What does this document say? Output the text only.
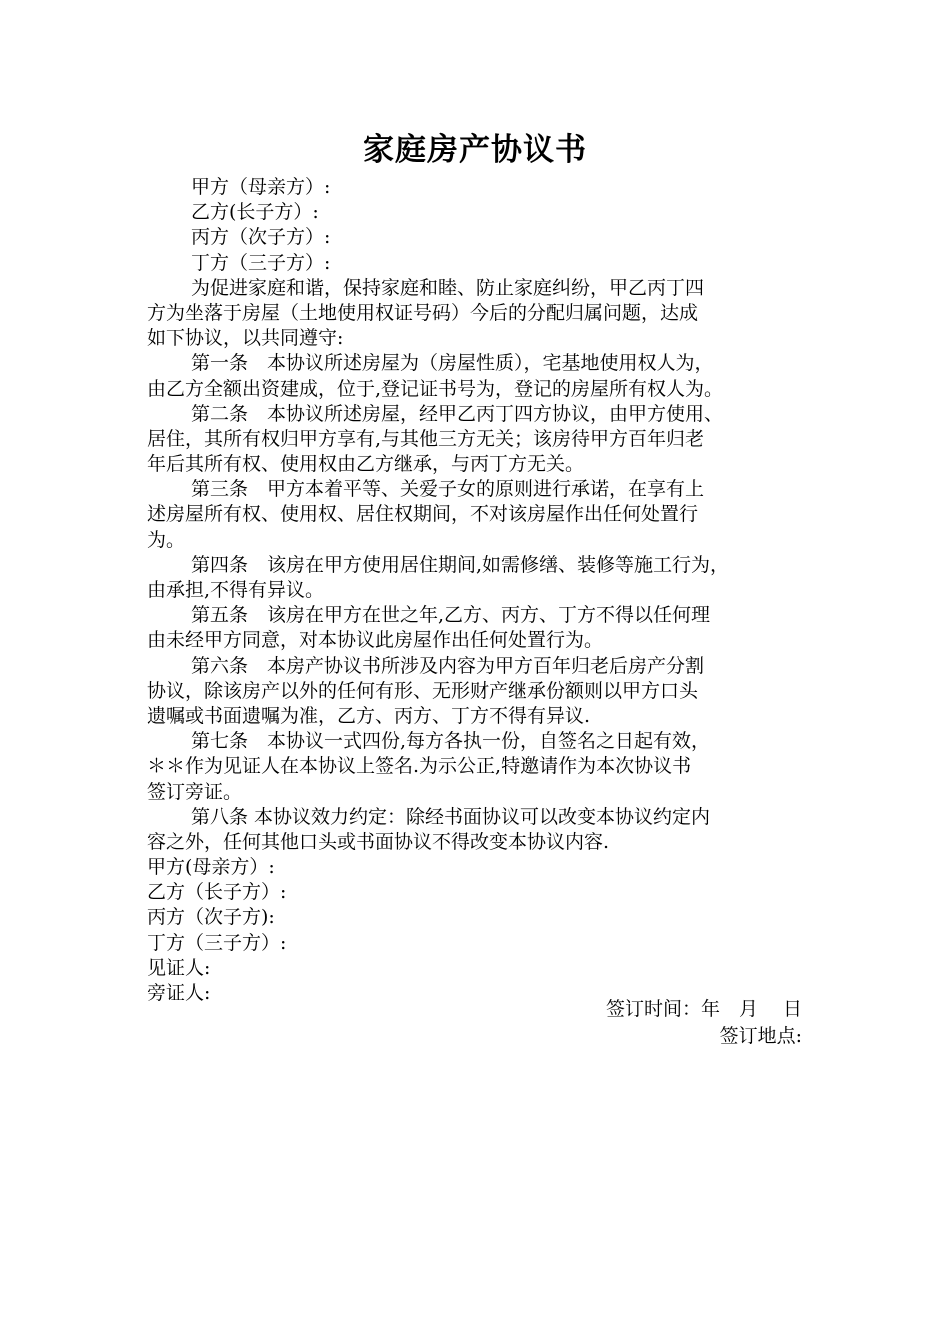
家庭房产协议书
甲方（母亲方）:
乙方(长子方）:
丙方（次子方）:
丁方（三子方）:
为促进家庭和谐，保持家庭和睦、防止家庭纠纷，甲乙丙丁四
方为坐落于房屋（土地使用权证号码）今后的分配归属问题，达成
如下协议，以共同遵守:
第一条　本协议所述房屋为（房屋性质），宅基地使用权人为，
由乙方全额出资建成，位于,登记证书号为，登记的房屋所有权人为。
第二条　本协议所述房屋，经甲乙丙丁四方协议，由甲方使用、
居住，其所有权归甲方享有,与其他三方无关；该房待甲方百年归老
年后其所有权、使用权由乙方继承，与丙丁方无关。
第三条　甲方本着平等、关爱子女的原则进行承诺，在享有上
述房屋所有权、使用权、居住权期间，不对该房屋作出任何处置行
为。
第四条　该房在甲方使用居住期间,如需修缮、装修等施工行为，
由承担,不得有异议。
第五条　该房在甲方在世之年,乙方、丙方、丁方不得以任何理
由未经甲方同意，对本协议此房屋作出任何处置行为。
第六条　本房产协议书所涉及内容为甲方百年归老后房产分割
协议，除该房产以外的任何有形、无形财产继承份额则以甲方口头
遗嘱或书面遗嘱为准，乙方、丙方、丁方不得有异议.
第七条　本协议一式四份,每方各执一份，自签名之日起有效，
＊＊作为见证人在本协议上签名.为示公正,特邀请作为本次协议书
签订旁证。
第八条 本协议效力约定：除经书面协议可以改变本协议约定内
容之外，任何其他口头或书面协议不得改变本协议内容.
甲方(母亲方）:
乙方（长子方）:
丙方（次子方):
丁方（三子方）:
见证人:
旁证人:
签订时间：年　月　 日
签订地点:
